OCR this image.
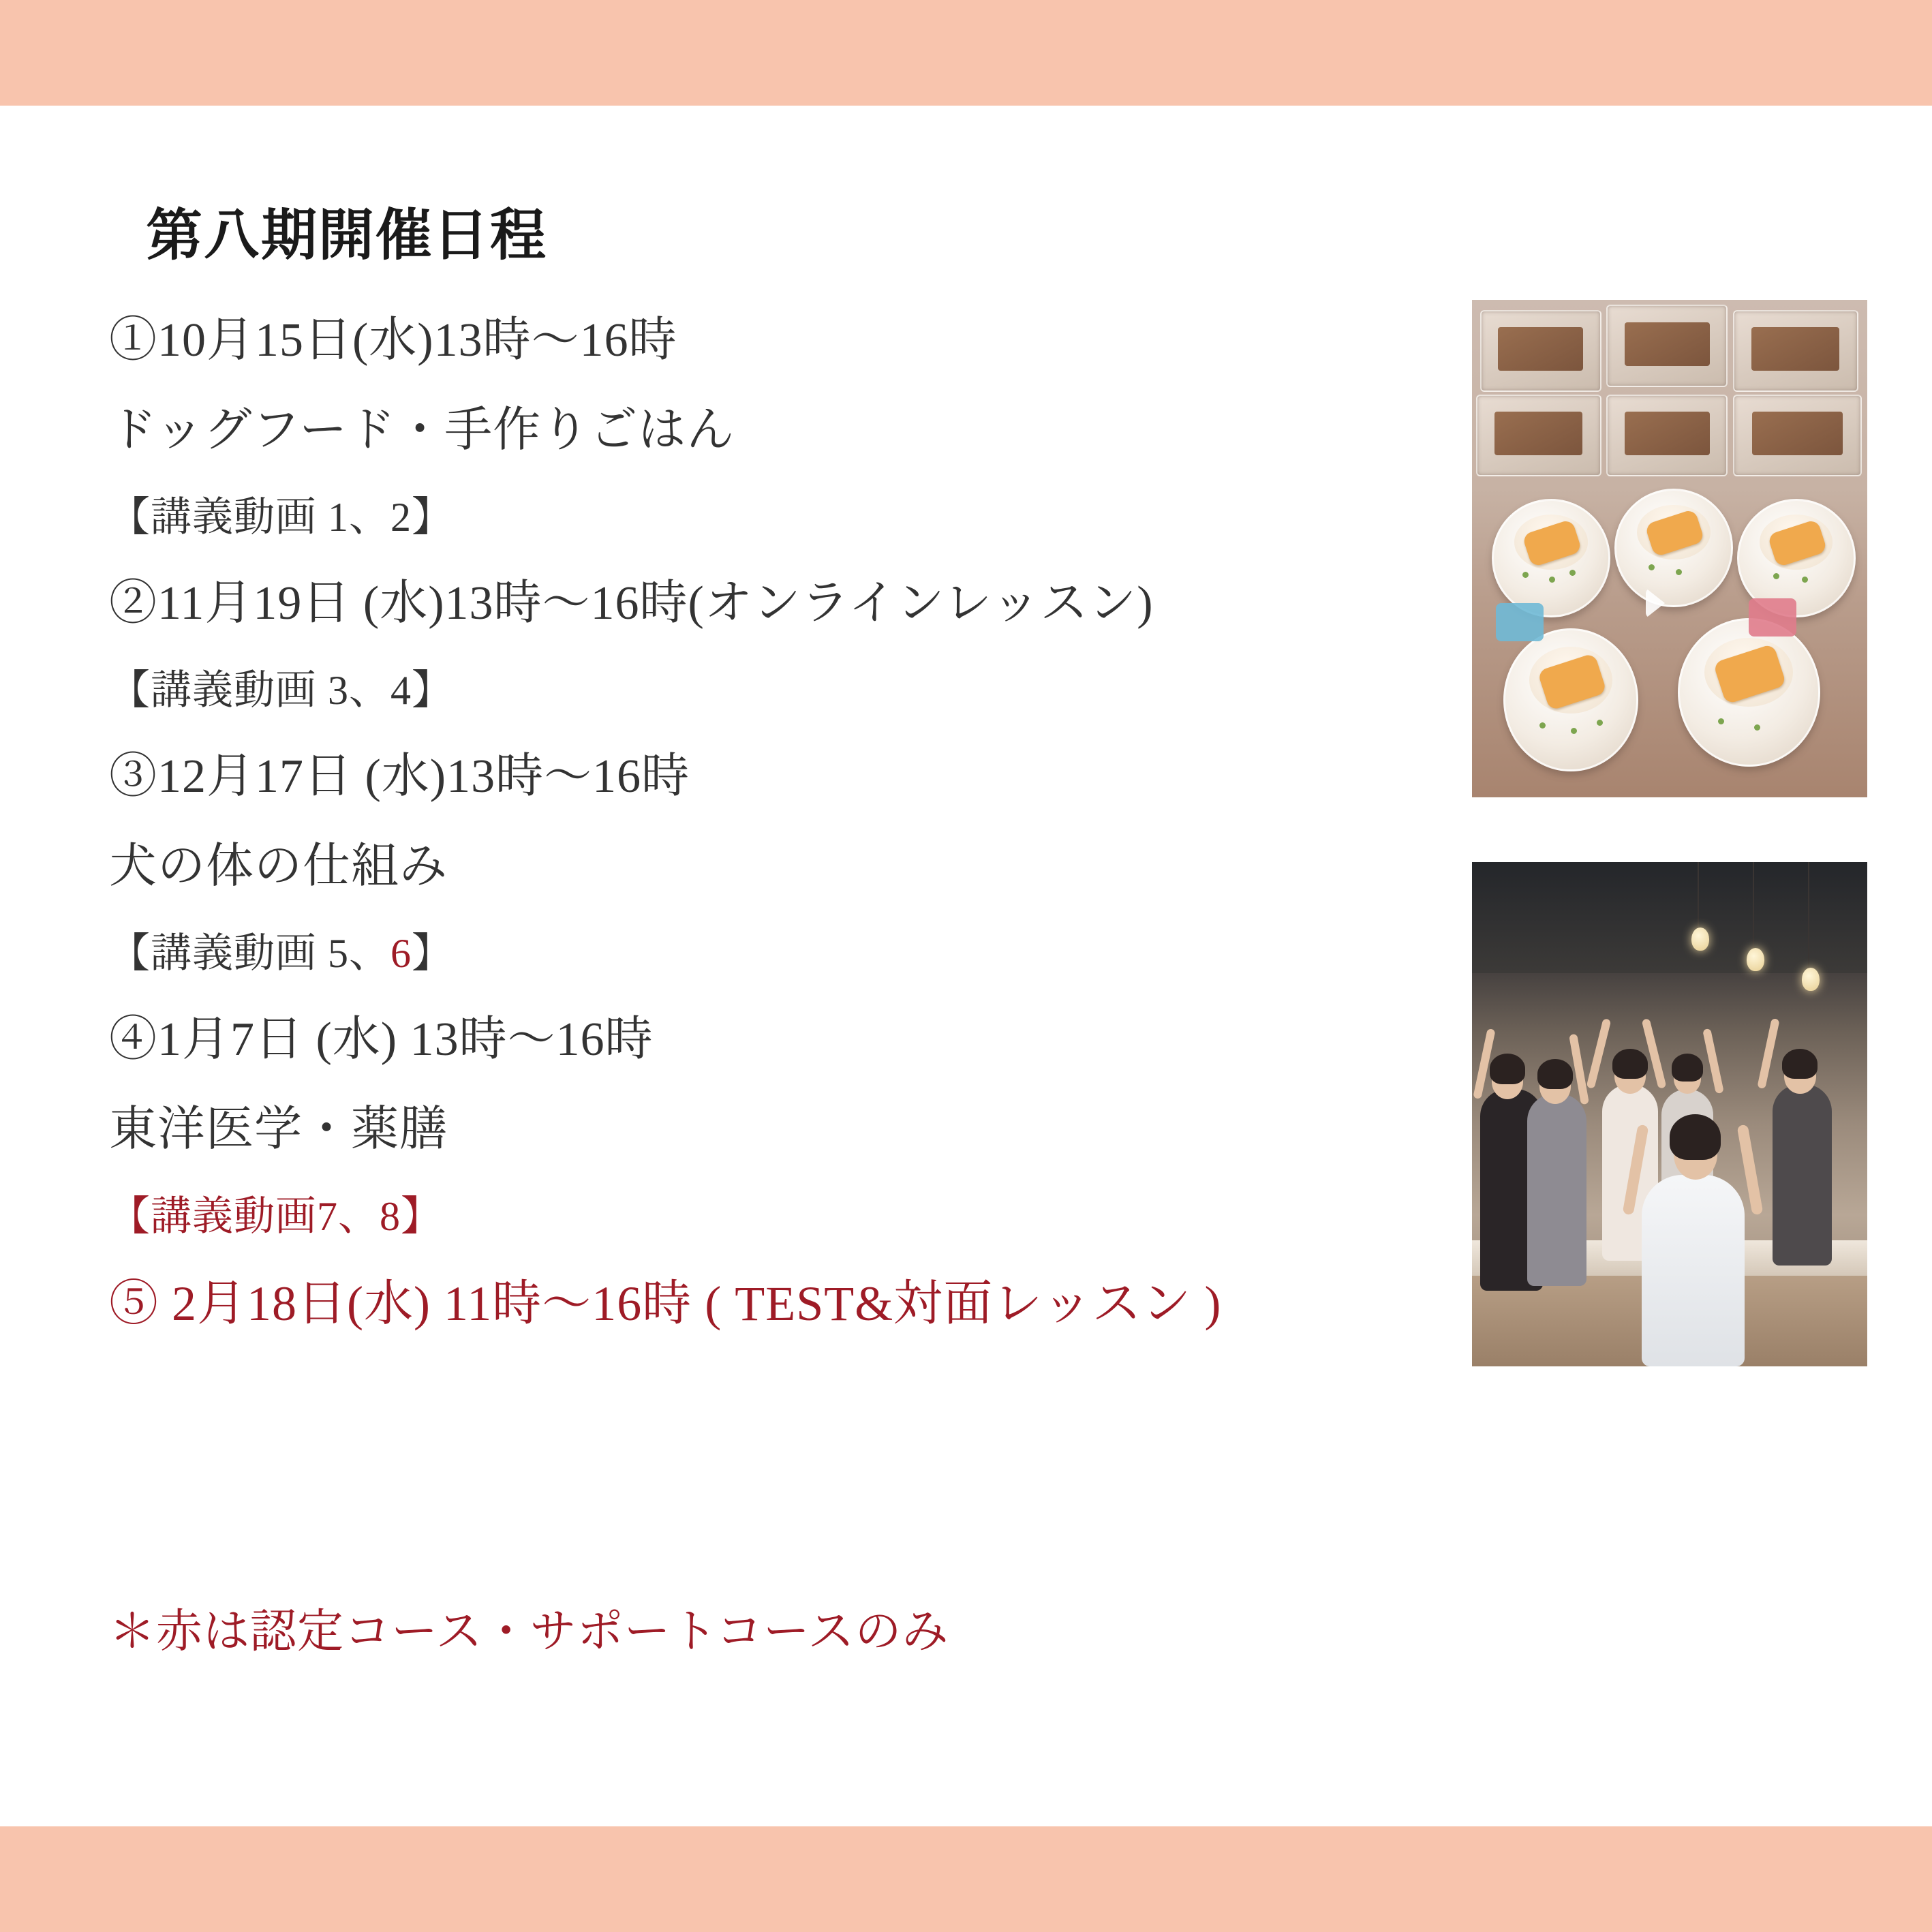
第八期開催日程
①10月15日(水)13時〜16時
ドッグフード・手作りごはん
【講義動画 1、2】
②11月19日 (水)13時〜16時(オンラインレッスン)
【講義動画 3、4】
③12月17日 (水)13時〜16時
犬の体の仕組み
【講義動画 5、6】
④1月7日 (水) 13時〜16時
東洋医学・薬膳
【講義動画7、8】
⑤ 2月18日(水) 11時〜16時 ( TEST&対面レッスン )
＊赤は認定コース・サポートコースのみ
